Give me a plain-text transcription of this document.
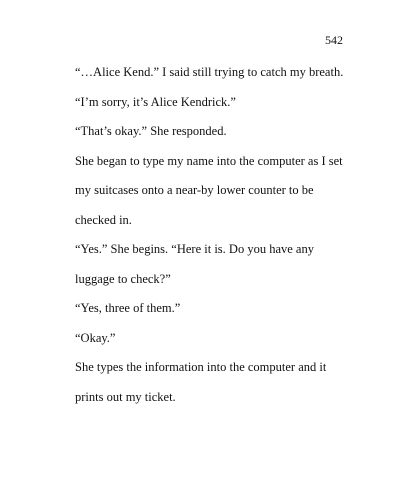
542
“…Alice Kend.” I said still trying to catch my breath.
“I’m sorry, it’s Alice Kendrick.”
“That’s okay.” She responded.
She began to type my name into the computer as I set
my suitcases onto a near-by lower counter to be
checked in.
“Yes.” She begins. “Here it is. Do you have any
luggage to check?”
“Yes, three of them.”
“Okay.”
She types the information into the computer and it
prints out my ticket.
